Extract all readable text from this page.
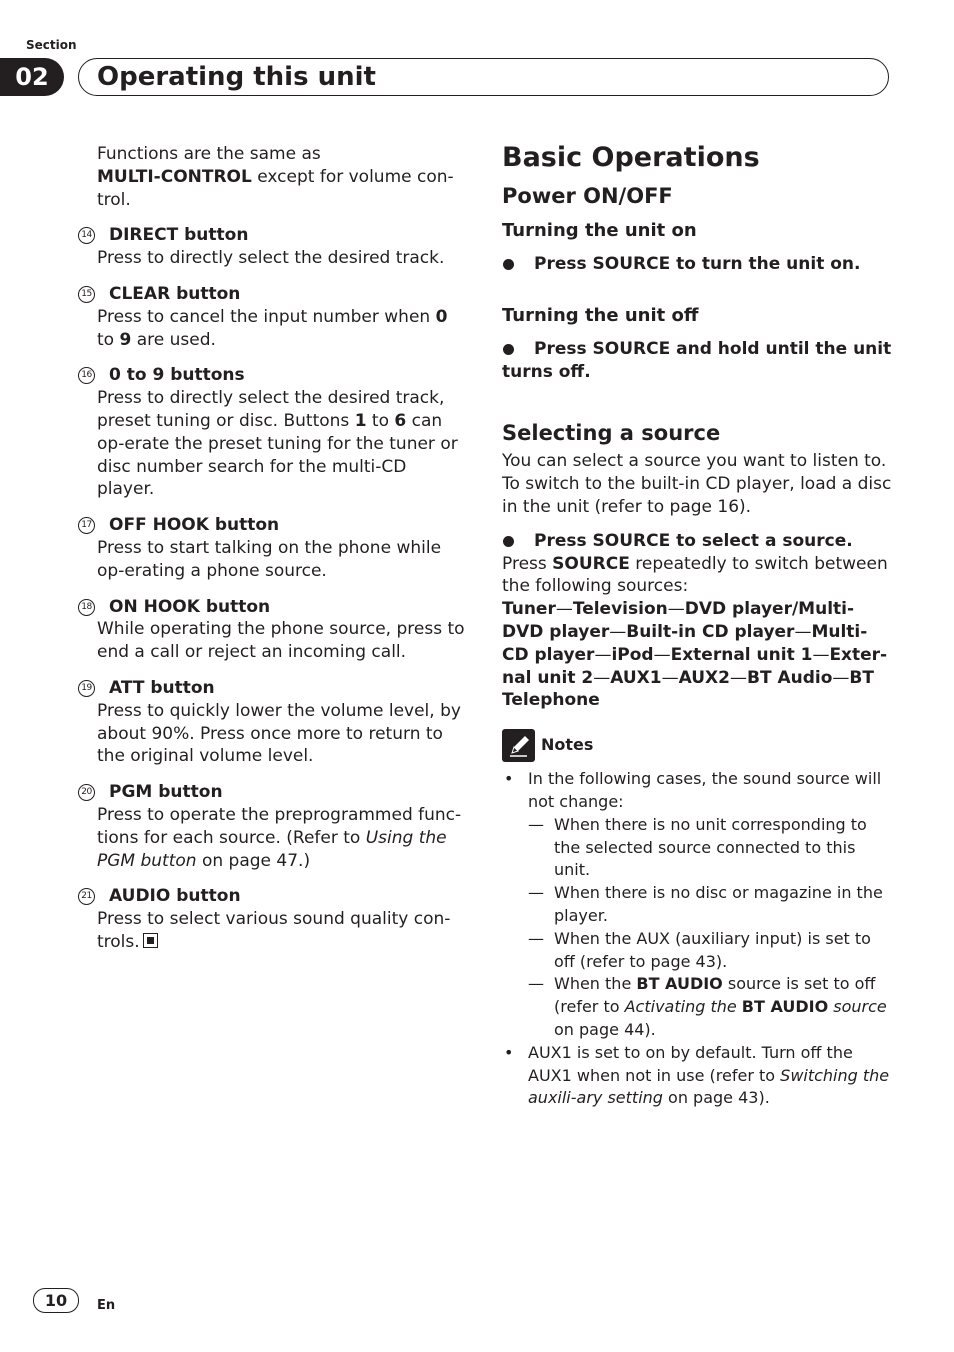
Section
02	Operating this unit
Functions are the same as
MULTI-CONTROL except for volume con-trol.
14 DIRECT button
Press to directly select the desired track.
15 CLEAR button
Press to cancel the input number when 0 to 9 are used.
16 0 to 9 buttons
Press to directly select the desired track, preset tuning or disc. Buttons 1 to 6 can op-erate the preset tuning for the tuner or disc number search for the multi-CD player.
17 OFF HOOK button
Press to start talking on the phone while op-erating a phone source.
18 ON HOOK button
While operating the phone source, press to end a call or reject an incoming call.
19 ATT button
Press to quickly lower the volume level, by about 90%. Press once more to return to the original volume level.
20 PGM button
Press to operate the preprogrammed func-tions for each source. (Refer to Using the PGM button on page 47.)
21 AUDIO button
Press to select various sound quality con-trols.
Basic Operations
Power ON/OFF
Turning the unit on
Press SOURCE to turn the unit on.
Turning the unit off
Press SOURCE and hold until the unit turns off.
Selecting a source

You can select a source you want to listen to. To switch to the built-in CD player, load a disc in the unit (refer to page 16).

Press SOURCE to select a source.

Press SOURCE repeatedly to switch between the following sources:

Tuner—Television—DVD player/Multi-DVD player—Built-in CD player—Multi-CD player—iPod—External unit 1—Exter-nal unit 2—AUX1—AUX2—BT Audio—BT Telephone

Notes
• In the following cases, the sound source will not change:
— When there is no unit corresponding to the selected source connected to this unit.
— When there is no disc or magazine in the player.
— When the AUX (auxiliary input) is set to off (refer to page 43).
— When the BT AUDIO source is set to off (refer to Activating the BT AUDIO source on page 44).
• AUX1 is set to on by default. Turn off the AUX1 when not in use (refer to Switching the auxili-ary setting on page 43).
10	En
